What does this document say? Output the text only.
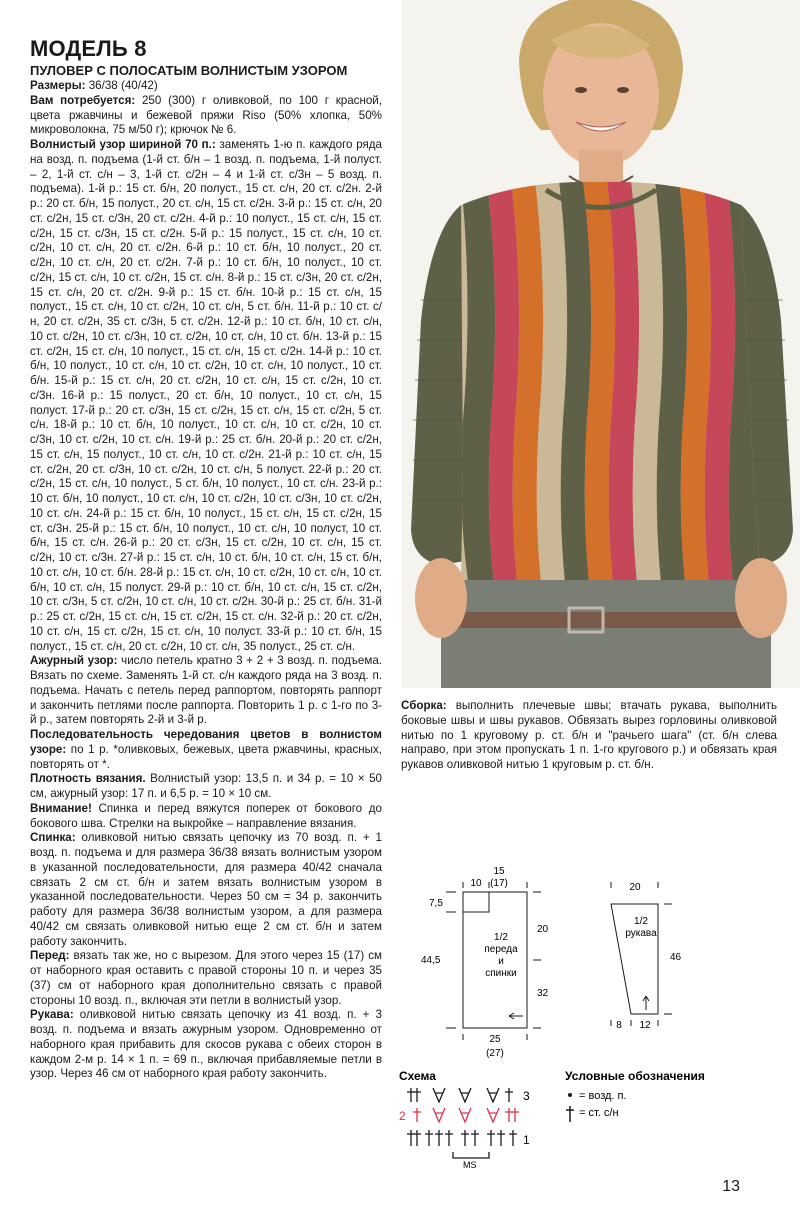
МОДЕЛЬ 8

ПУЛОВЕР С ПОЛОСАТЫМ ВОЛНИСТЫМ УЗОРОМ

Размеры: 36/38 (40/42)

Вам потребуется: 250 (300) г оливковой, по 100 г красной, цвета ржавчины и бежевой пряжи Riso (50% хлопка, 50% микроволокна, 75 м/50 г); крючок № 6.

Волнистый узор шириной 70 п.: заменять 1-ю п. каждого ряда на возд. п. подъема (1-й ст. б/н – 1 возд. п. подъема, 1-й полуст. – 2, 1-й ст. с/н – 3, 1-й ст. с/2н – 4 и 1-й ст. с/3н – 5 возд. п. подъема). 1-й р.: 15 ст. б/н, 20 полуст., 15 ст. с/н, 20 ст. с/2н. 2-й р.: 20 ст. б/н, 15 полуст., 20 ст. с/н, 15 ст. с/2н. 3-й р.: 15 ст. с/н, 20 ст. с/2н, 15 ст. с/3н, 20 ст. с/2н. 4-й р.: 10 полуст., 15 ст. с/н, 15 ст. с/2н, 15 ст. с/3н, 15 ст. с/2н. 5-й р.: 15 полуст., 15 ст. с/н, 10 ст. с/2н, 10 ст. с/н, 20 ст. с/2н. 6-й р.: 10 ст. б/н, 10 полуст., 20 ст. с/2н, 10 ст. с/н, 20 ст. с/2н. 7-й р.: 10 ст. б/н, 10 полуст., 10 ст. с/2н, 15 ст. с/н, 10 ст. с/2н, 15 ст. с/н. 8-й р.: 15 ст. с/3н, 20 ст. с/2н, 15 ст. с/н, 20 ст. с/2н. 9-й р.: 15 ст. б/н. 10-й р.: 15 ст. с/н, 15 полуст., 15 ст. с/н, 10 ст. с/2н, 10 ст. с/н, 5 ст. б/н. 11-й р.: 10 ст. с/н, 20 ст. с/2н, 35 ст. с/3н, 5 ст. с/2н. 12-й р.: 10 ст. б/н, 10 ст. с/н, 10 ст. с/2н, 10 ст. с/3н, 10 ст. с/2н, 10 ст. с/н, 10 ст. б/н. 13-й р.: 15 ст. с/2н, 15 ст. с/н, 10 полуст., 15 ст. с/н, 15 ст. с/2н. 14-й р.: 10 ст. б/н, 10 полуст., 10 ст. с/н, 10 ст. с/2н, 10 ст. с/н, 10 полуст., 10 ст. б/н. 15-й р.: 15 ст. с/н, 20 ст. с/2н, 10 ст. с/н, 15 ст. с/2н, 10 ст. с/3н. 16-й р.: 15 полуст., 20 ст. б/н, 10 полуст., 10 ст. с/н, 15 полуст. 17-й р.: 20 ст. с/3н, 15 ст. с/2н, 15 ст. с/н, 15 ст. с/2н, 5 ст. с/н. 18-й р.: 10 ст. б/н, 10 полуст., 10 ст. с/н, 10 ст. с/2н, 10 ст. с/3н, 10 ст. с/2н, 10 ст. с/н. 19-й р.: 25 ст. б/н. 20-й р.: 20 ст. с/2н, 15 ст. с/н, 15 полуст., 10 ст. с/н, 10 ст. с/2н. 21-й р.: 10 ст. с/н, 15 ст. с/2н, 20 ст. с/3н, 10 ст. с/2н, 10 ст. с/н, 5 полуст. 22-й р.: 20 ст. с/2н, 15 ст. с/н, 10 полуст., 5 ст. б/н, 10 полуст., 10 ст. с/н. 23-й р.: 10 ст. б/н, 10 полуст., 10 ст. с/н, 10 ст. с/2н, 10 ст. с/3н, 10 ст. с/2н, 10 ст. с/н. 24-й р.: 15 ст. б/н, 10 полуст., 15 ст. с/н, 15 ст. с/2н, 15 ст. с/3н. 25-й р.: 15 ст. б/н, 10 полуст., 10 ст. с/н, 10 полуст, 10 ст. б/н, 15 ст. с/н. 26-й р.: 20 ст. с/3н, 15 ст. с/2н, 10 ст. с/н, 15 ст. с/2н, 10 ст. с/3н. 27-й р.: 15 ст. с/н, 10 ст. б/н, 10 ст. с/н, 15 ст. б/н, 10 ст. с/н, 10 ст. б/н. 28-й р.: 15 ст. с/н, 10 ст. с/2н, 10 ст. с/н, 10 ст. б/н, 10 ст. с/н, 15 полуст. 29-й р.: 10 ст. б/н, 10 ст. с/н, 15 ст. с/2н, 10 ст. с/3н, 5 ст. с/2н, 10 ст. с/н, 10 ст. с/2н. 30-й р.: 25 ст. б/н. 31-й р.: 25 ст. с/2н, 15 ст. с/н, 15 ст. с/2н, 15 ст. с/н. 32-й р.: 20 ст. с/2н, 10 ст. с/н, 15 ст. с/2н, 15 ст. с/н, 10 полуст. 33-й р.: 10 ст. б/н, 15 полуст., 15 ст. с/н, 20 ст. с/2н, 10 ст. с/н, 35 полуст., 25 ст. с/н.

Ажурный узор: число петель кратно 3 + 2 + 3 возд. п. подъема. Вязать по схеме. Заменять 1-й ст. с/н каждого ряда на 3 возд. п. подъема. Начать с петель перед раппортом, повторять раппорт и закончить петлями после раппорта. Повторить 1 р. с 1-го по 3-й р., затем повторять 2-й и 3-й р.

Последовательность чередования цветов в волнистом узоре: по 1 р. *оливковых, бежевых, цвета ржавчины, красных, повторять от *.

Плотность вязания. Волнистый узор: 13,5 п. и 34 р. = 10 × 50 см, ажурный узор: 17 п. и 6,5 р. = 10 × 10 см.

Внимание! Спинка и перед вяжутся поперек от бокового до бокового шва. Стрелки на выкройке – направление вязания.

Спинка: оливковой нитью связать цепочку из 70 возд. п. + 1 возд. п. подъема и для размера 36/38 вязать волнистым узором в указанной последовательности, для размера 40/42 сначала связать 2 см ст. б/н и затем вязать волнистым узором в указанной последовательности. Через 50 см = 34 р. закончить работу для размера 36/38 волнистым узором, а для размера 40/42 см связать оливковой нитью еще 2 см ст. б/н и затем работу закончить.

Перед: вязать так же, но с вырезом. Для этого через 15 (17) см от наборного края оставить с правой стороны 10 п. и через 35 (37) см от наборного края дополнительно связать с правой стороны 10 возд. п., включая эти петли в волнистый узор.

Рукава: оливковой нитью связать цепочку из 41 возд. п. + 3 возд. п. подъема и вязать ажурным узором. Одновременно от наборного края прибавить для скосов рукава с обеих сторон в каждом 2-м р. 14 × 1 п. = 69 п., включая прибавляемые петли в узор. Через 46 см от наборного края работу закончить.

Сборка: выполнить плечевые швы; втачать рукава, выполнить боковые швы и швы рукавов. Обвязать вырез горловины оливковой нитью по 1 круговому р. ст. б/н и "рачьего шага" (ст. б/н слева направо, при этом пропускать 1 п. 1-го кругового р.) и обвязать края рукавов оливковой нитью 1 круговым р. ст. б/н.

15
(17)
10
7,5
20
32
44,5
25
(27)
1/2
переда
и
спинки
20
46
8 12
1/2
рукава
Схема	Условные обозначения
3
2
1
MS
= возд. п.
= ст. с/н
13
